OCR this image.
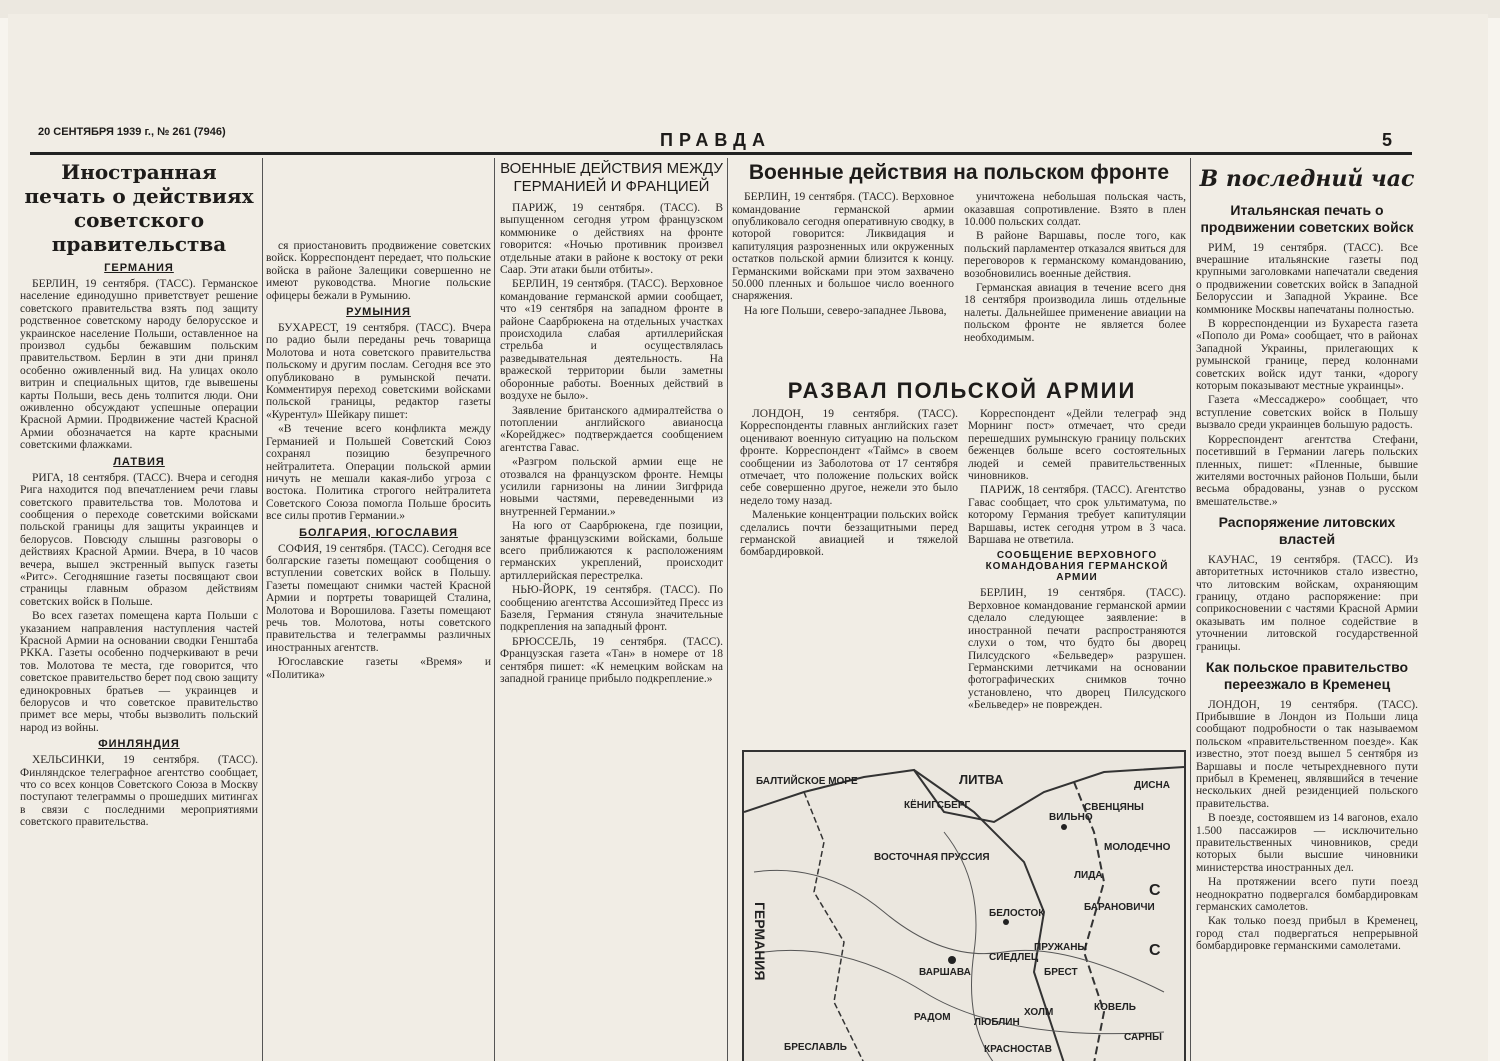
20 СЕНТЯБРЯ 1939 г., № 261 (7946)	ПРАВДА	5
Иностранная печать о действиях советского правительства
ГЕРМАНИЯ

БЕРЛИН, 19 сентября. (ТАСС). Германское население единодушно приветствует решение советского правительства взять под защиту родственное советскому народу белорусское и украинское население Польши, оставленное на произвол судьбы бежавшим польским правительством. Берлин в эти дни принял особенно оживленный вид. На улицах около витрин и специальных щитов, где вывешены карты Польши, весь день толпится люди. Они оживленно обсуждают успешные операции Красной Армии. Продвижение частей Красной Армии обозначается на карте красными советскими флажками.

ЛАТВИЯ

РИГА, 18 сентября. (ТАСС). Вчера и сегодня Рига находится под впечатлением речи главы советского правительства тов. Молотова и сообщения о переходе советскими войсками польской границы для защиты украинцев и белорусов. Повсюду слышны разговоры о действиях Красной Армии. Вчера, в 10 часов вечера, вышел экстренный выпуск газеты «Ритс». Сегодняшние газеты посвящают свои страницы главным образом действиям советских войск в Польше.

Во всех газетах помещена карта Польши с указанием направления наступления частей Красной Армии на основании сводки Генштаба РККА. Газеты особенно подчеркивают в речи тов. Молотова те места, где говорится, что советское правительство берет под свою защиту единокровных братьев — украинцев и белорусов и что советское правительство примет все меры, чтобы вызволить польский народ из войны.

ФИНЛЯНДИЯ

ХЕЛЬСИНКИ, 19 сентября. (ТАСС). Финляндское телеграфное агентство сообщает, что со всех концов Советского Союза в Москву поступают телеграммы о прошедших митингах в связи с последними мероприятиями советского правительства.

ся приостановить продвижение советских войск. Корреспондент передает, что польские войска в районе Залещики совершенно не имеют руководства. Многие польские офицеры бежали в Румынию.

РУМЫНИЯ

БУХАРЕСТ, 19 сентября. (ТАСС). Вчера по радио были переданы речь товарища Молотова и нота советского правительства польскому и другим послам. Сегодня все это опубликовано в румынской печати. Комментируя переход советскими войсками польской границы, редактор газеты «Курентул» Шейкару пишет:

«В течение всего конфликта между Германией и Польшей Советский Союз сохранял позицию безупречного нейтралитета. Операции польской армии ничуть не мешали какая-либо угроза с востока. Политика строгого нейтралитета Советского Союза помогла Польше бросить все силы против Германии.»

БОЛГАРИЯ, ЮГОСЛАВИЯ

СОФИЯ, 19 сентября. (ТАСС). Сегодня все болгарские газеты помещают сообщения о вступлении советских войск в Польшу. Газеты помещают снимки частей Красной Армии и портреты товарищей Сталина, Молотова и Ворошилова. Газеты помещают речь тов. Молотова, ноты советского правительства и телеграммы различных иностранных агентств.

Югославские газеты «Время» и «Политика»

ВОЕННЫЕ ДЕЙСТВИЯ МЕЖДУ ГЕРМАНИЕЙ И ФРАНЦИЕЙ

ПАРИЖ, 19 сентября. (ТАСС). В выпущенном сегодня утром французском коммюнике о действиях на фронте говорится: «Ночью противник произвел отдельные атаки в районе к востоку от реки Саар. Эти атаки были отбиты».

БЕРЛИН, 19 сентября. (ТАСС). Верховное командование германской армии сообщает, что «19 сентября на западном фронте в районе Саарбрюкена на отдельных участках происходила слабая артиллерийская стрельба и осуществлялась разведывательная деятельность. На вражеской территории были заметны оборонные работы. Военных действий в воздухе не было».

Заявление британского адмиралтейства о потоплении английского авианосца «Корейджес» подтверждается сообщением агентства Гавас.

«Разгром польской армии еще не отозвался на французском фронте. Немцы усилили гарнизоны на линии Зигфрида новыми частями, переведенными из внутренней Германии.»

На юго от Саарбрюкена, где позиции, занятые французскими войсками, больше всего приближаются к расположениям германских укреплений, происходит артиллерийская перестрелка.

НЬЮ-ЙОРК, 19 сентября. (ТАСС). По сообщению агентства Ассошиэйтед Пресс из Базеля, Германия стянула значительные подкрепления на западный фронт.

БРЮССЕЛЬ, 19 сентября. (ТАСС). Французская газета «Тан» в номере от 18 сентября пишет: «К немецким войскам на западной границе прибыло подкрепление.»

Военные действия на польском фронте

БЕРЛИН, 19 сентября. (ТАСС). Верховное командование германской армии опубликовало сегодня оперативную сводку, в которой говорится: Ликвидация и капитуляция разрозненных или окруженных остатков польской армии близится к концу. Германскими войсками при этом захвачено 50.000 пленных и большое число военного снаряжения.

На юге Польши, северо-западнее Львова,

уничтожена небольшая польская часть, оказавшая сопротивление. Взято в плен 10.000 польских солдат.

В районе Варшавы, после того, как польский парламентер отказался явиться для переговоров к германскому командованию, возобновились военные действия.

Германская авиация в течение всего дня 18 сентября производила лишь отдельные налеты. Дальнейшее применение авиации на польском фронте не является более необходимым.

РАЗВАЛ ПОЛЬСКОЙ АРМИИ

ЛОНДОН, 19 сентября. (ТАСС). Корреспонденты главных английских газет оценивают военную ситуацию на польском фронте. Корреспондент «Таймс» в своем сообщении из Заболотова от 17 сентября отмечает, что положение польских войск себе совершенно другое, нежели это было недело тому назад.

Маленькие концентрации польских войск сделались почти беззащитными перед германской авиацией и тяжелой бомбардировкой.

Корреспондент «Дейли телеграф энд Морнинг пост» отмечает, что среди перешедших румынскую границу польских беженцев больше всего состоятельных людей и семей правительственных чиновников.

ПАРИЖ, 18 сентября. (ТАСС). Агентство Гавас сообщает, что срок ультиматума, по которому Германия требует капитуляции Варшавы, истек сегодня утром в 3 часа. Варшава не ответила.

СООБЩЕНИЕ ВЕРХОВНОГО КОМАНДОВАНИЯ ГЕРМАНСКОЙ АРМИИ

БЕРЛИН, 19 сентября. (ТАСС). Верховное командование германской армии сделало следующее заявление: в иностранной печати распространяются слухи о том, что будто бы дворец Пилсудского «Бельведер» разрушен. Германскими летчиками на основании фотографических снимков точно установлено, что дворец Пилсудского «Бельведер» не поврежден.

БАЛТИЙСКОЕ МОРЕ	ЛИТВА
ВОСТОЧНАЯ ПРУССИЯ
КЁНИГСБЕРГ
ВИЛЬНО
ДИСНА
СВЕНЦЯНЫ
МОЛОДЕЧНО
ЛИДА
БАРАНОВИЧИ
БЕЛОСТОК
ВАРШАВА
СИЕДЛЕЦ
ПРУЖАНЫ
БРЕСТ
ХОЛМ
ЛЮБЛИН
КОВЕЛЬ
САРНЫ
БРЕСЛАВЛЬ
РАДОМ
КРАСНОСТАВ
ГЕРМАНИЯ
С
С
В последний час
Итальянская печать о продвижении советских войск

РИМ, 19 сентября. (ТАСС). Все вчерашние итальянские газеты под крупными заголовками напечатали сведения о продвижении советских войск в Западной Белоруссии и Западной Украине. Все коммюнике Москвы напечатаны полностью.

В корреспонденции из Бухареста газета «Пополо ди Рома» сообщает, что в районах Западной Украины, прилегающих к румынской границе, перед колоннами советских войск идут танки, «дорогу которым показывают местные украинцы».

Газета «Мессаджеро» сообщает, что вступление советских войск в Польшу вызвало среди украинцев большую радость.

Корреспондент агентства Стефани, посетивший в Германии лагерь польских пленных, пишет: «Пленные, бывшие жителями восточных районов Польши, были весьма обрадованы, узнав о русском вмешательстве.»

Распоряжение литовских властей

КАУНАС, 19 сентября. (ТАСС). Из авторитетных источников стало известно, что литовским войскам, охраняющим границу, отдано распоряжение: при соприкосновении с частями Красной Армии оказывать им полное содействие в уточнении литовской государственной границы.

Как польское правительство переезжало в Кременец

ЛОНДОН, 19 сентября. (ТАСС). Прибывшие в Лондон из Польши лица сообщают подробности о так называемом польском «правительственном поезде». Как известно, этот поезд вышел 5 сентября из Варшавы и после четырехдневного пути прибыл в Кременец, являвшийся в течение нескольких дней резиденцией польского правительства.

В поезде, состоявшем из 14 вагонов, ехало 1.500 пассажиров — исключительно правительственных чиновников, среди которых были высшие чиновники министерства иностранных дел.

На протяжении всего пути поезд неоднократно подвергался бомбардировкам германских самолетов.

Как только поезд прибыл в Кременец, город стал подвергаться непрерывной бомбардировке германскими самолетами.
